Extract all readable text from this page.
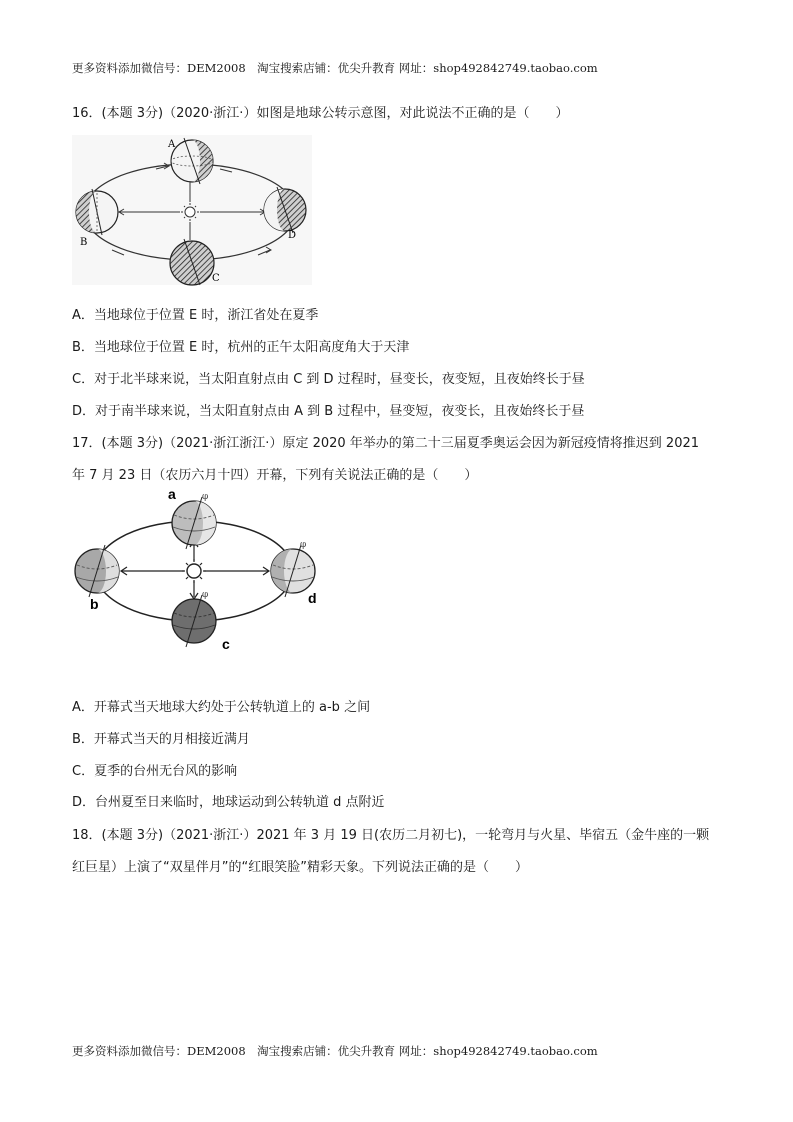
更多资料添加微信号：DEM2008　淘宝搜索店铺：优尖升教育 网址：shop492842749.taobao.com
16．(本题 3分)（2020·浙江·）如图是地球公转示意图，对此说法不正确的是（　　）
A
B
C
D
A．当地球位于位置 E 时，浙江省处在夏季
B．当地球位于位置 E 时，杭州的正午太阳高度角大于天津
C．对于北半球来说，当太阳直射点由 C 到 D 过程时，昼变长，夜变短，且夜始终长于昼
D．对于南半球来说，当太阳直射点由 A 到 B 过程中，昼变短，夜变长，且夜始终长于昼
17．(本题 3分)（2021·浙江浙江·）原定 2020 年举办的第二十三届夏季奥运会因为新冠疫情将推迟到 2021
年 7 月 23 日（农历六月十四）开幕，下列有关说法正确的是（　　）
φ
φ
φ
a
b
c
d
A．开幕式当天地球大约处于公转轨道上的 a-b 之间
B．开幕式当天的月相接近满月
C．夏季的台州无台风的影响
D．台州夏至日来临时，地球运动到公转轨道 d 点附近
18．(本题 3分)（2021·浙江·）2021 年 3 月 19 日(农历二月初七)，一轮弯月与火星、毕宿五（金牛座的一颗
红巨星）上演了“双星伴月”的“红眼笑脸”精彩天象。下列说法正确的是（　　）
更多资料添加微信号：DEM2008　淘宝搜索店铺：优尖升教育 网址：shop492842749.taobao.com
